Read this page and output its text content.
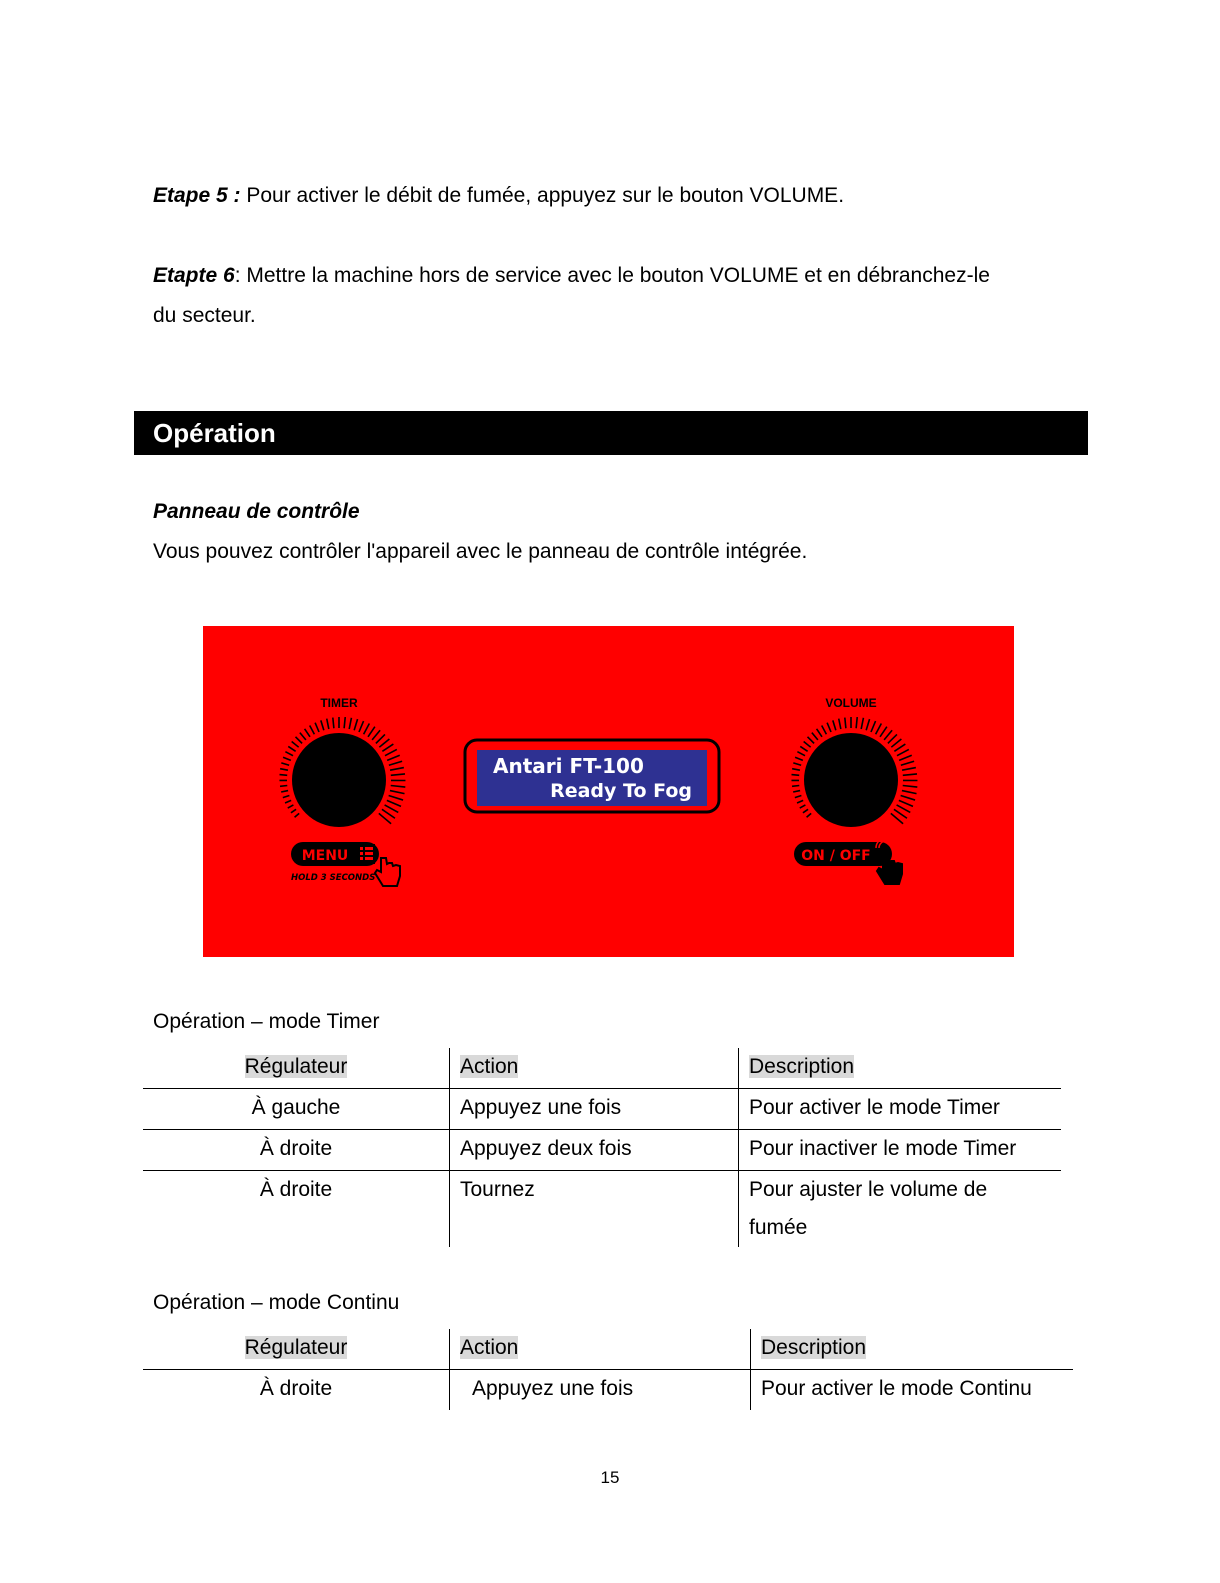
Etape 5 : Pour activer le débit de fumée, appuyez sur le bouton VOLUME.

Etapte 6: Mettre la machine hors de service avec le bouton VOLUME et en débranchez-le
du secteur.

Opération
Panneau de contrôle
Vous pouvez contrôler l'appareil avec le panneau de contrôle intégrée.
TIMER	VOLUME
Antari FT-100
Ready To Fog
MENU
HOLD 3 SECONDS
ON / OFF
Opération – mode Timer
Régulateur	Action	Description
À gauche	Appuyez une fois	Pour activer le mode Timer
À droite	Appuyez deux fois	Pour inactiver le mode Timer
À droite	Tournez	Pour ajuster le volume de fumée
Opération – mode Continu
Régulateur	Action	Description
À droite	Appuyez une fois	Pour activer le mode Continu
15
